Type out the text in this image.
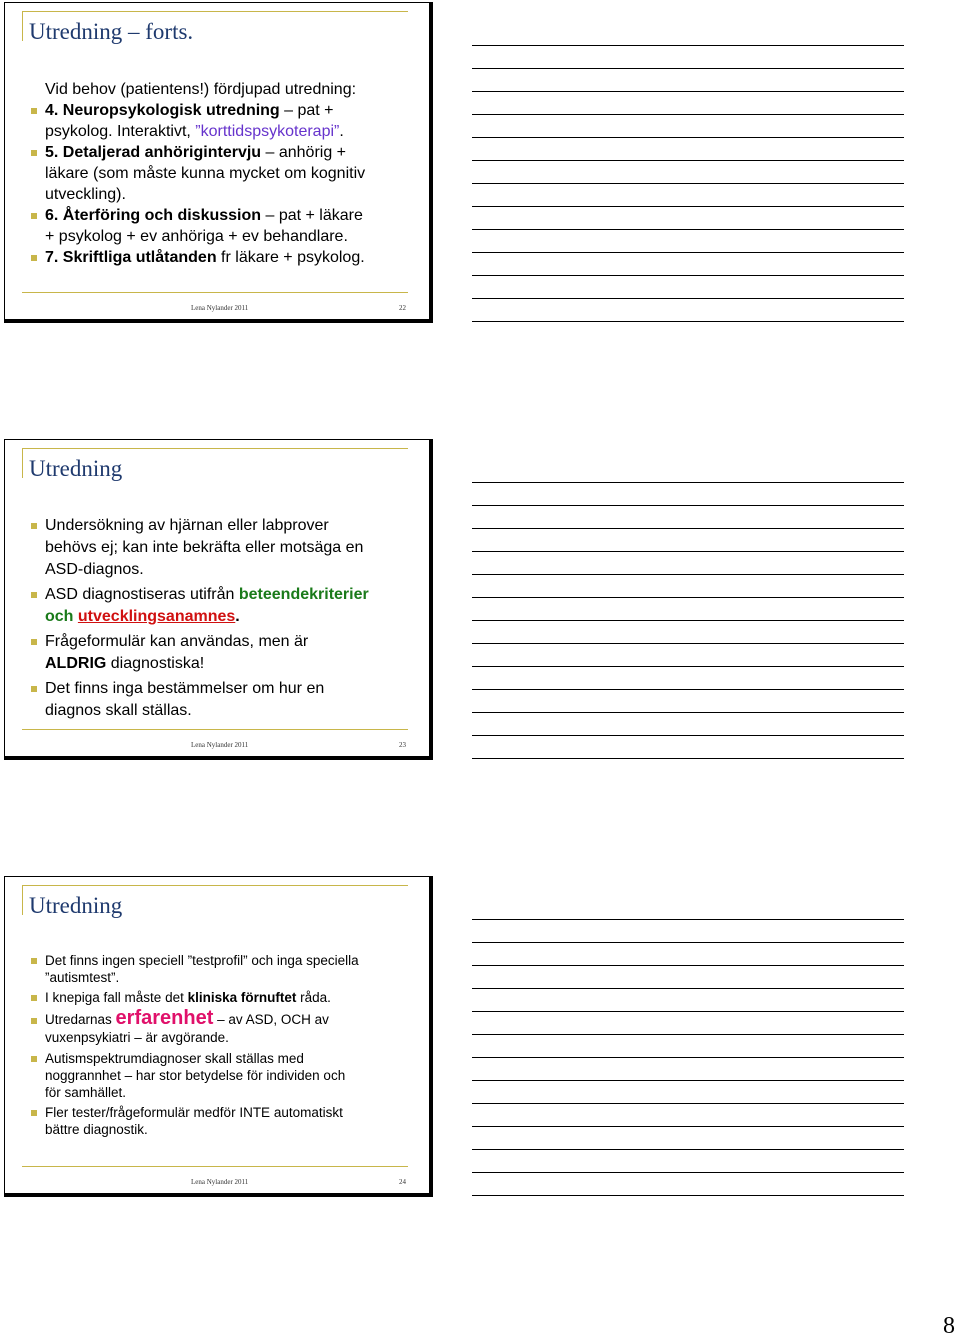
Utredning – forts.
Vid behov (patientens!) fördjupad utredning:
4. Neuropsykologisk utredning – pat +
psykolog. Interaktivt, ”korttidspsykoterapi”.
5. Detaljerad anhörigintervju – anhörig +
läkare (som måste kunna mycket om kognitiv
utveckling).
6. Återföring och diskussion – pat + läkare
+ psykolog + ev anhöriga + ev behandlare.
7. Skriftliga utlåtanden fr läkare + psykolog.
Lena Nylander 2011	22
Utredning
Undersökning av hjärnan eller labprover
behövs ej; kan inte bekräfta eller motsäga en
ASD-diagnos.
ASD diagnostiseras utifrån beteendekriterier
och utvecklingsanamnes.
Frågeformulär kan användas, men är
ALDRIG diagnostiska!
Det finns inga bestämmelser om hur en
diagnos skall ställas.
Lena Nylander 2011	23
Utredning
Det finns ingen speciell ”testprofil” och inga speciella
”autismtest”.
I knepiga fall måste det kliniska förnuftet råda.
Utredarnas erfarenhet – av ASD, OCH av
vuxenpsykiatri – är avgörande.
Autismspektrumdiagnoser skall ställas med
noggrannhet – har stor betydelse för individen och
för samhället.
Fler tester/frågeformulär medför INTE automatiskt
bättre diagnostik.
Lena Nylander 2011	24
8
